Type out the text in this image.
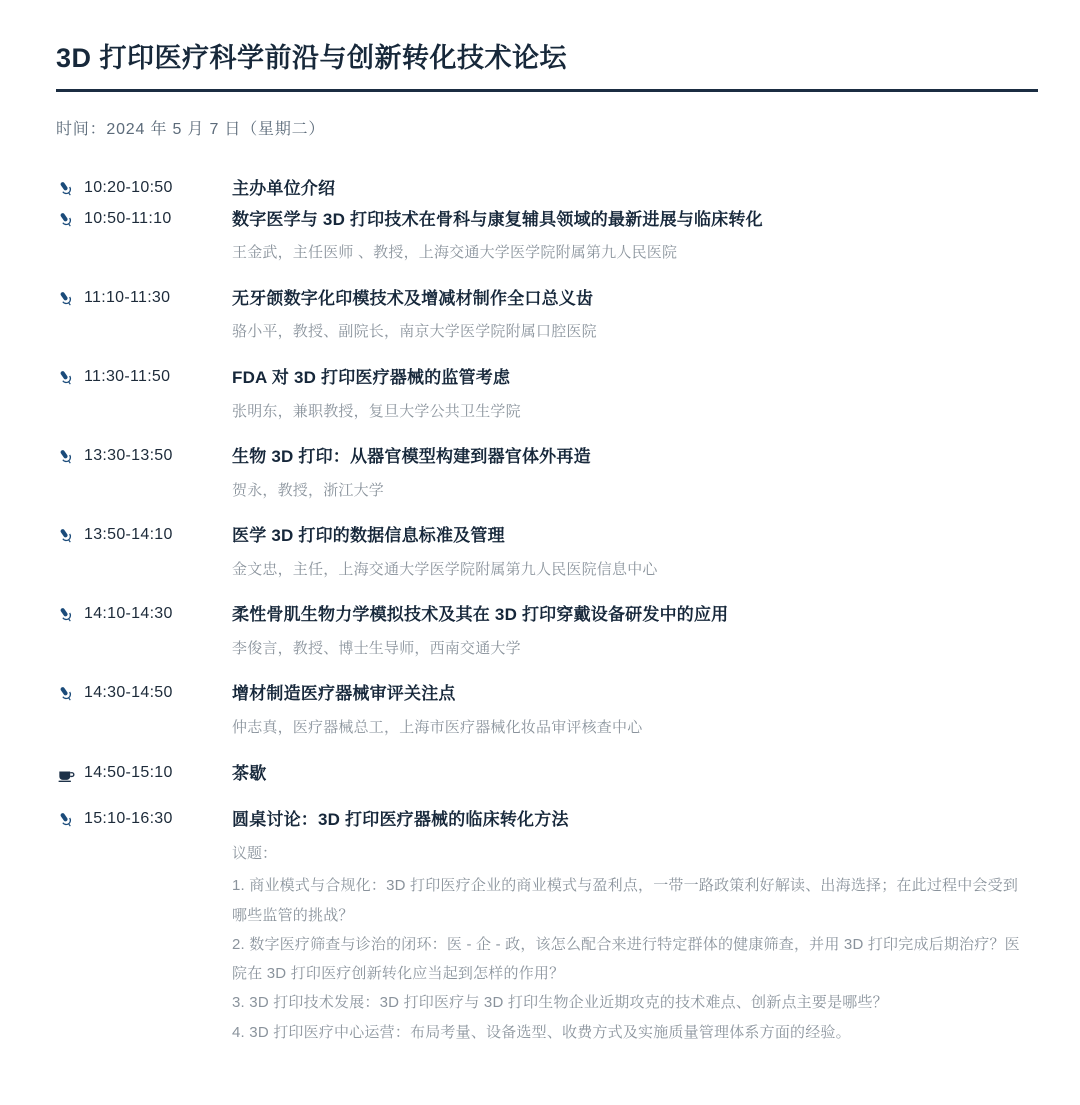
3D 打印医疗科学前沿与创新转化技术论坛
时间：2024 年 5 月 7 日（星期二）
10:20-10:50	主办单位介绍
10:50-11:10	数字医学与 3D 打印技术在骨科与康复辅具领域的最新进展与临床转化
王金武，主任医师 、教授，上海交通大学医学院附属第九人民医院
11:10-11:30	无牙颌数字化印模技术及增减材制作全口总义齿
骆小平，教授、副院长，南京大学医学院附属口腔医院
11:30-11:50	FDA 对 3D 打印医疗器械的监管考虑
张明东，兼职教授，复旦大学公共卫生学院
13:30-13:50	生物 3D 打印：从器官模型构建到器官体外再造
贺永，教授，浙江大学
13:50-14:10	医学 3D 打印的数据信息标准及管理
金文忠，主任，上海交通大学医学院附属第九人民医院信息中心
14:10-14:30	柔性骨肌生物力学模拟技术及其在 3D 打印穿戴设备研发中的应用
李俊言，教授、博士生导师，西南交通大学
14:30-14:50	增材制造医疗器械审评关注点
仲志真，医疗器械总工，上海市医疗器械化妆品审评核查中心
14:50-15:10	茶歇
15:10-16:30	圆桌讨论：3D 打印医疗器械的临床转化方法
议题：
1. 商业模式与合规化：3D 打印医疗企业的商业模式与盈利点，一带一路政策利好解读、出海选择；在此过程中会受到哪些监管的挑战？
2. 数字医疗筛查与诊治的闭环：医 - 企 - 政，该怎么配合来进行特定群体的健康筛查，并用 3D 打印完成后期治疗？医院在 3D 打印医疗创新转化应当起到怎样的作用？
3. 3D 打印技术发展：3D 打印医疗与 3D 打印生物企业近期攻克的技术难点、创新点主要是哪些？
4. 3D 打印医疗中心运营：布局考量、设备选型、收费方式及实施质量管理体系方面的经验。
